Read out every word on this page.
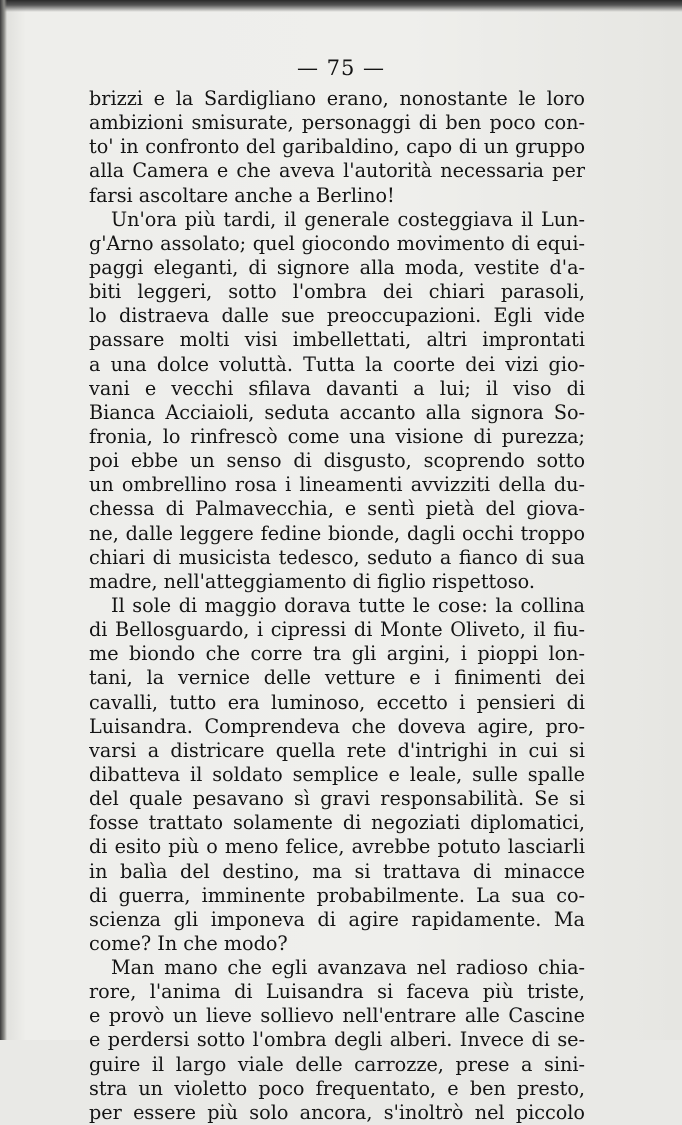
— 75 —
brizzi e la Sardigliano erano, nonostante le loro
ambizioni smisurate, personaggi di ben poco con-
to' in confronto del garibaldino, capo di un gruppo
alla Camera e che aveva l'autorità necessaria per
farsi ascoltare anche a Berlino!
Un'ora più tardi, il generale costeggiava il Lun-
g'Arno assolato; quel giocondo movimento di equi-
paggi eleganti, di signore alla moda, vestite d'a-
biti leggeri, sotto l'ombra dei chiari parasoli,
lo distraeva dalle sue preoccupazioni. Egli vide
passare molti visi imbellettati, altri improntati
a una dolce voluttà. Tutta la coorte dei vizi gio-
vani e vecchi sfilava davanti a lui; il viso di
Bianca Acciaioli, seduta accanto alla signora So-
fronia, lo rinfrescò come una visione di purezza;
poi ebbe un senso di disgusto, scoprendo sotto
un ombrellino rosa i lineamenti avvizziti della du-
chessa di Palmavecchia, e sentì pietà del giova-
ne, dalle leggere fedine bionde, dagli occhi troppo
chiari di musicista tedesco, seduto a fianco di sua
madre, nell'atteggiamento di figlio rispettoso.
Il sole di maggio dorava tutte le cose: la collina
di Bellosguardo, i cipressi di Monte Oliveto, il fiu-
me biondo che corre tra gli argini, i pioppi lon-
tani, la vernice delle vetture e i finimenti dei
cavalli, tutto era luminoso, eccetto i pensieri di
Luisandra. Comprendeva che doveva agire, pro-
varsi a districare quella rete d'intrighi in cui si
dibatteva il soldato semplice e leale, sulle spalle
del quale pesavano sì gravi responsabilità. Se si
fosse trattato solamente di negoziati diplomatici,
di esito più o meno felice, avrebbe potuto lasciarli
in balìa del destino, ma si trattava di minacce
di guerra, imminente probabilmente. La sua co-
scienza gli imponeva di agire rapidamente. Ma
come? In che modo?
Man mano che egli avanzava nel radioso chia-
rore, l'anima di Luisandra si faceva più triste,
e provò un lieve sollievo nell'entrare alle Cascine
e perdersi sotto l'ombra degli alberi. Invece di se-
guire il largo viale delle carrozze, prese a sini-
stra un violetto poco frequentato, e ben presto,
per essere più solo ancora, s'inoltrò nel piccolo
